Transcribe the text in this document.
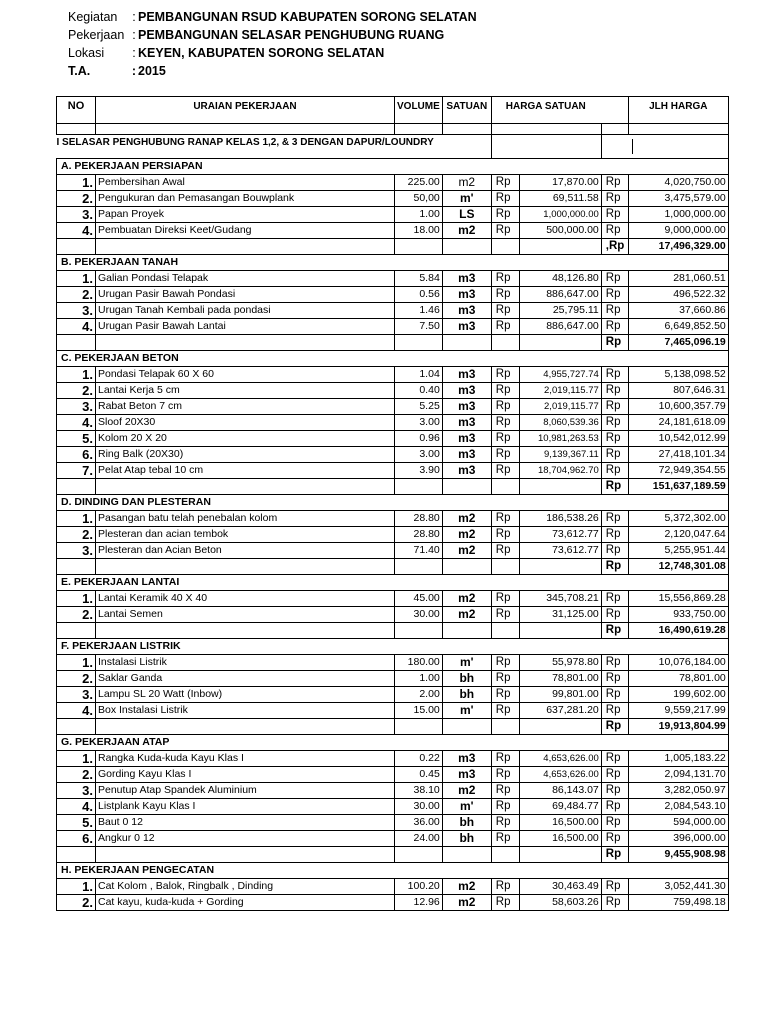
Kegiatan : PEMBANGUNAN RSUD KABUPATEN SORONG SELATAN
Pekerjaan : PEMBANGUNAN SELASAR PENGHUBUNG RUANG
Lokasi : KEYEN, KABUPATEN SORONG SELATAN
T.A.	: 2015
NO	URAIAN PEKERJAAN	VOLUME	SATUAN	HARGA SATUAN			JLH HARGA

I SELASAR PENGHUBUNG RANAP KELAS 1,2, & 3 DENGAN DAPUR/LOUNDRY							

A. PEKERJAAN PERSIAPAN							
1.	Pembersihan Awal	225.00	m2	Rp	17,870.00	Rp	4,020,750.00
2.	Pengukuran dan Pemasangan Bouwplank	50,00	m'	Rp	69,511.58	Rp	3,475,579.00
3.	Papan Proyek	1.00	LS	Rp	1,000,000.00	Rp	1,000,000.00
4.	Pembuatan Direksi Keet/Gudang	18.00	m2	Rp	500,000.00	Rp	9,000,000.00
						,Rp	17,496,329.00
B. PEKERJAAN TANAH							
1.	Galian Pondasi Telapak	5.84	m3	Rp	48,126.80	Rp	281,060.51
2.	Urugan Pasir Bawah Pondasi	0.56	m3	Rp	886,647.00	Rp	496,522.32
3.	Urugan Tanah Kembali pada pondasi	1.46	m3	Rp	25,795.11	Rp	37,660.86
4.	Urugan Pasir Bawah Lantai	7.50	m3	Rp	886,647.00	Rp	6,649,852.50
						Rp	7,465,096.19
C. PEKERJAAN BETON							
1.	Pondasi Telapak 60 X 60	1.04	m3	Rp	4,955,727.74	Rp	5,138,098.52
2.	Lantai Kerja 5 cm	0.40	m3	Rp	2,019,115.77	Rp	807,646.31
3.	Rabat Beton 7 cm	5.25	m3	Rp	2,019,115.77	Rp	10,600,357.79
4.	Sloof 20X30	3.00	m3	Rp	8,060,539.36	Rp	24,181,618.09
5.	Kolom 20 X 20	0.96	m3	Rp	10,981,263.53	Rp	10,542,012.99
6.	Ring Balk (20X30)	3.00	m3	Rp	9,139,367.11	Rp	27,418,101.34
7.	Pelat Atap tebal 10 cm	3.90	m3	Rp	18,704,962.70	Rp	72,949,354.55
						Rp	151,637,189.59
D. DINDING DAN PLESTERAN							
1.	Pasangan batu telah penebalan kolom	28.80	m2	Rp	186,538.26	Rp	5,372,302.00
2.	Plesteran dan acian tembok	28.80	m2	Rp	73,612.77	Rp	2,120,047.64
3.	Plesteran dan Acian Beton	71.40	m2	Rp	73,612.77	Rp	5,255,951.44
						Rp	12,748,301.08
E. PEKERJAAN LANTAI							
1.	Lantai Keramik 40 X 40	45.00	m2	Rp	345,708.21	Rp	15,556,869.28
2.	Lantai Semen	30.00	m2	Rp	31,125.00	Rp	933,750.00
						Rp	16,490,619.28
F. PEKERJAAN LISTRIK							
1.	Instalasi Listrik	180.00	m'	Rp	55,978.80	Rp	10,076,184.00
2.	Saklar Ganda	1.00	bh	Rp	78,801.00	Rp	78,801.00
3.	Lampu SL 20 Watt (Inbow)	2.00	bh	Rp	99,801.00	Rp	199,602.00
4.	Box Instalasi Listrik	15.00	m'	Rp	637,281.20	Rp	9,559,217.99
						Rp	19,913,804.99
G. PEKERJAAN ATAP							
1.	Rangka Kuda-kuda Kayu Klas I	0.22	m3	Rp	4,653,626.00	Rp	1,005,183.22
2.	Gording Kayu Klas I	0.45	m3	Rp	4,653,626.00	Rp	2,094,131.70
3.	Penutup Atap Spandek Aluminium	38.10	m2	Rp	86,143.07	Rp	3,282,050.97
4.	Listplank Kayu Klas I	30.00	m'	Rp	69,484.77	Rp	2,084,543.10
5.	Baut 0 12	36.00	bh	Rp	16,500.00	Rp	594,000.00
6.	Angkur 0 12	24.00	bh	Rp	16,500.00	Rp	396,000.00
						Rp	9,455,908.98
H. PEKERJAAN PENGECATAN							
1.	Cat Kolom , Balok, Ringbalk , Dinding	100.20	m2	Rp	30,463.49	Rp	3,052,441.30
2.	Cat kayu, kuda-kuda + Gording	12.96	m2	Rp	58,603.26	Rp	759,498.18
